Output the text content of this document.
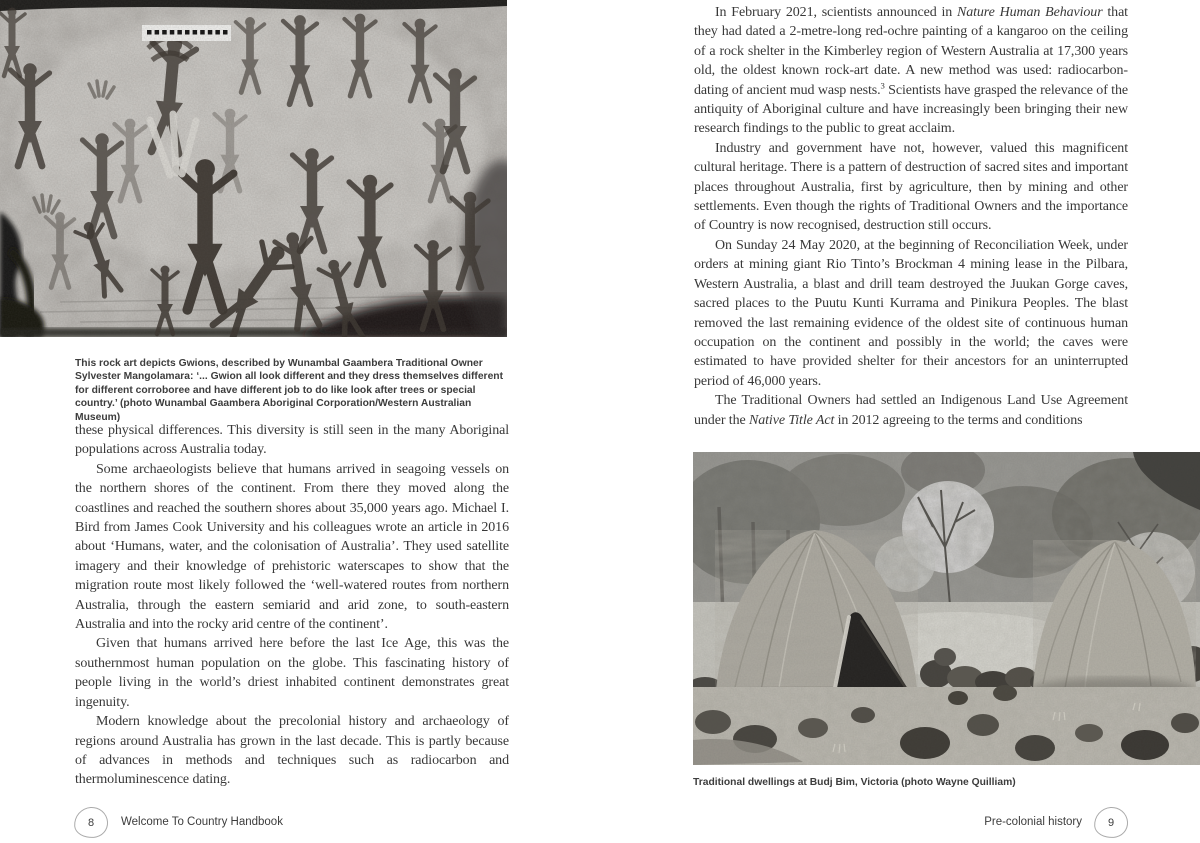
This rock art depicts Gwions, described by Wunambal Gaambera Traditional Owner Sylvester Mangolamara: ‘... Gwion all look different and they dress themselves different for different corroboree and have different job to do like look after trees or special country.’ (photo Wunambal Gaambera Aboriginal Corporation/Western Australian Museum)

these physical differences. This diversity is still seen in the many Aboriginal populations across Australia today.

Some archaeologists believe that humans arrived in seagoing vessels on the northern shores of the continent. From there they moved along the coastlines and reached the southern shores about 35,000 years ago. Michael I. Bird from James Cook University and his colleagues wrote an article in 2016 about ‘Humans, water, and the colonisation of Australia’. They used satellite imagery and their knowledge of prehistoric waterscapes to show that the migration route most likely followed the ‘well-watered routes from northern Australia, through the eastern semiarid and arid zone, to south-eastern Australia and into the rocky arid centre of the continent’.

Given that humans arrived here before the last Ice Age, this was the southernmost human population on the globe. This fascinating history of people living in the world’s driest inhabited continent demonstrates great ingenuity.

Modern knowledge about the precolonial history and archaeology of regions around Australia has grown in the last decade. This is partly because of advances in methods and techniques such as radiocarbon and thermoluminescence dating.

8 Welcome To Country Handbook

In February 2021, scientists announced in Nature Human Behaviour that they had dated a 2-metre-long red-ochre painting of a kangaroo on the ceiling of a rock shelter in the Kimberley region of Western Australia at 17,300 years old, the oldest known rock-art date. A new method was used: radiocarbon-dating of ancient mud wasp nests.$^3$ Scientists have grasped the relevance of the antiquity of Aboriginal culture and have increasingly been bringing their new research findings to the public to great acclaim.

Industry and government have not, however, valued this magnificent cultural heritage. There is a pattern of destruction of sacred sites and important places throughout Australia, first by agriculture, then by mining and other settlements. Even though the rights of Traditional Owners and the importance of Country is now recognised, destruction still occurs.

On Sunday 24 May 2020, at the beginning of Reconciliation Week, under orders at mining giant Rio Tinto’s Brockman 4 mining lease in the Pilbara, Western Australia, a blast and drill team destroyed the Juukan Gorge caves, sacred places to the Puutu Kunti Kurrama and Pinikura Peoples. The blast removed the last remaining evidence of the oldest site of continuous human occupation on the continent and possibly in the world; the caves were estimated to have provided shelter for their ancestors for an uninterrupted period of 46,000 years.

The Traditional Owners had settled an Indigenous Land Use Agreement under the Native Title Act in 2012 agreeing to the terms and conditions

Traditional dwellings at Budj Bim, Victoria (photo Wayne Quilliam)
Pre-colonial history 9
